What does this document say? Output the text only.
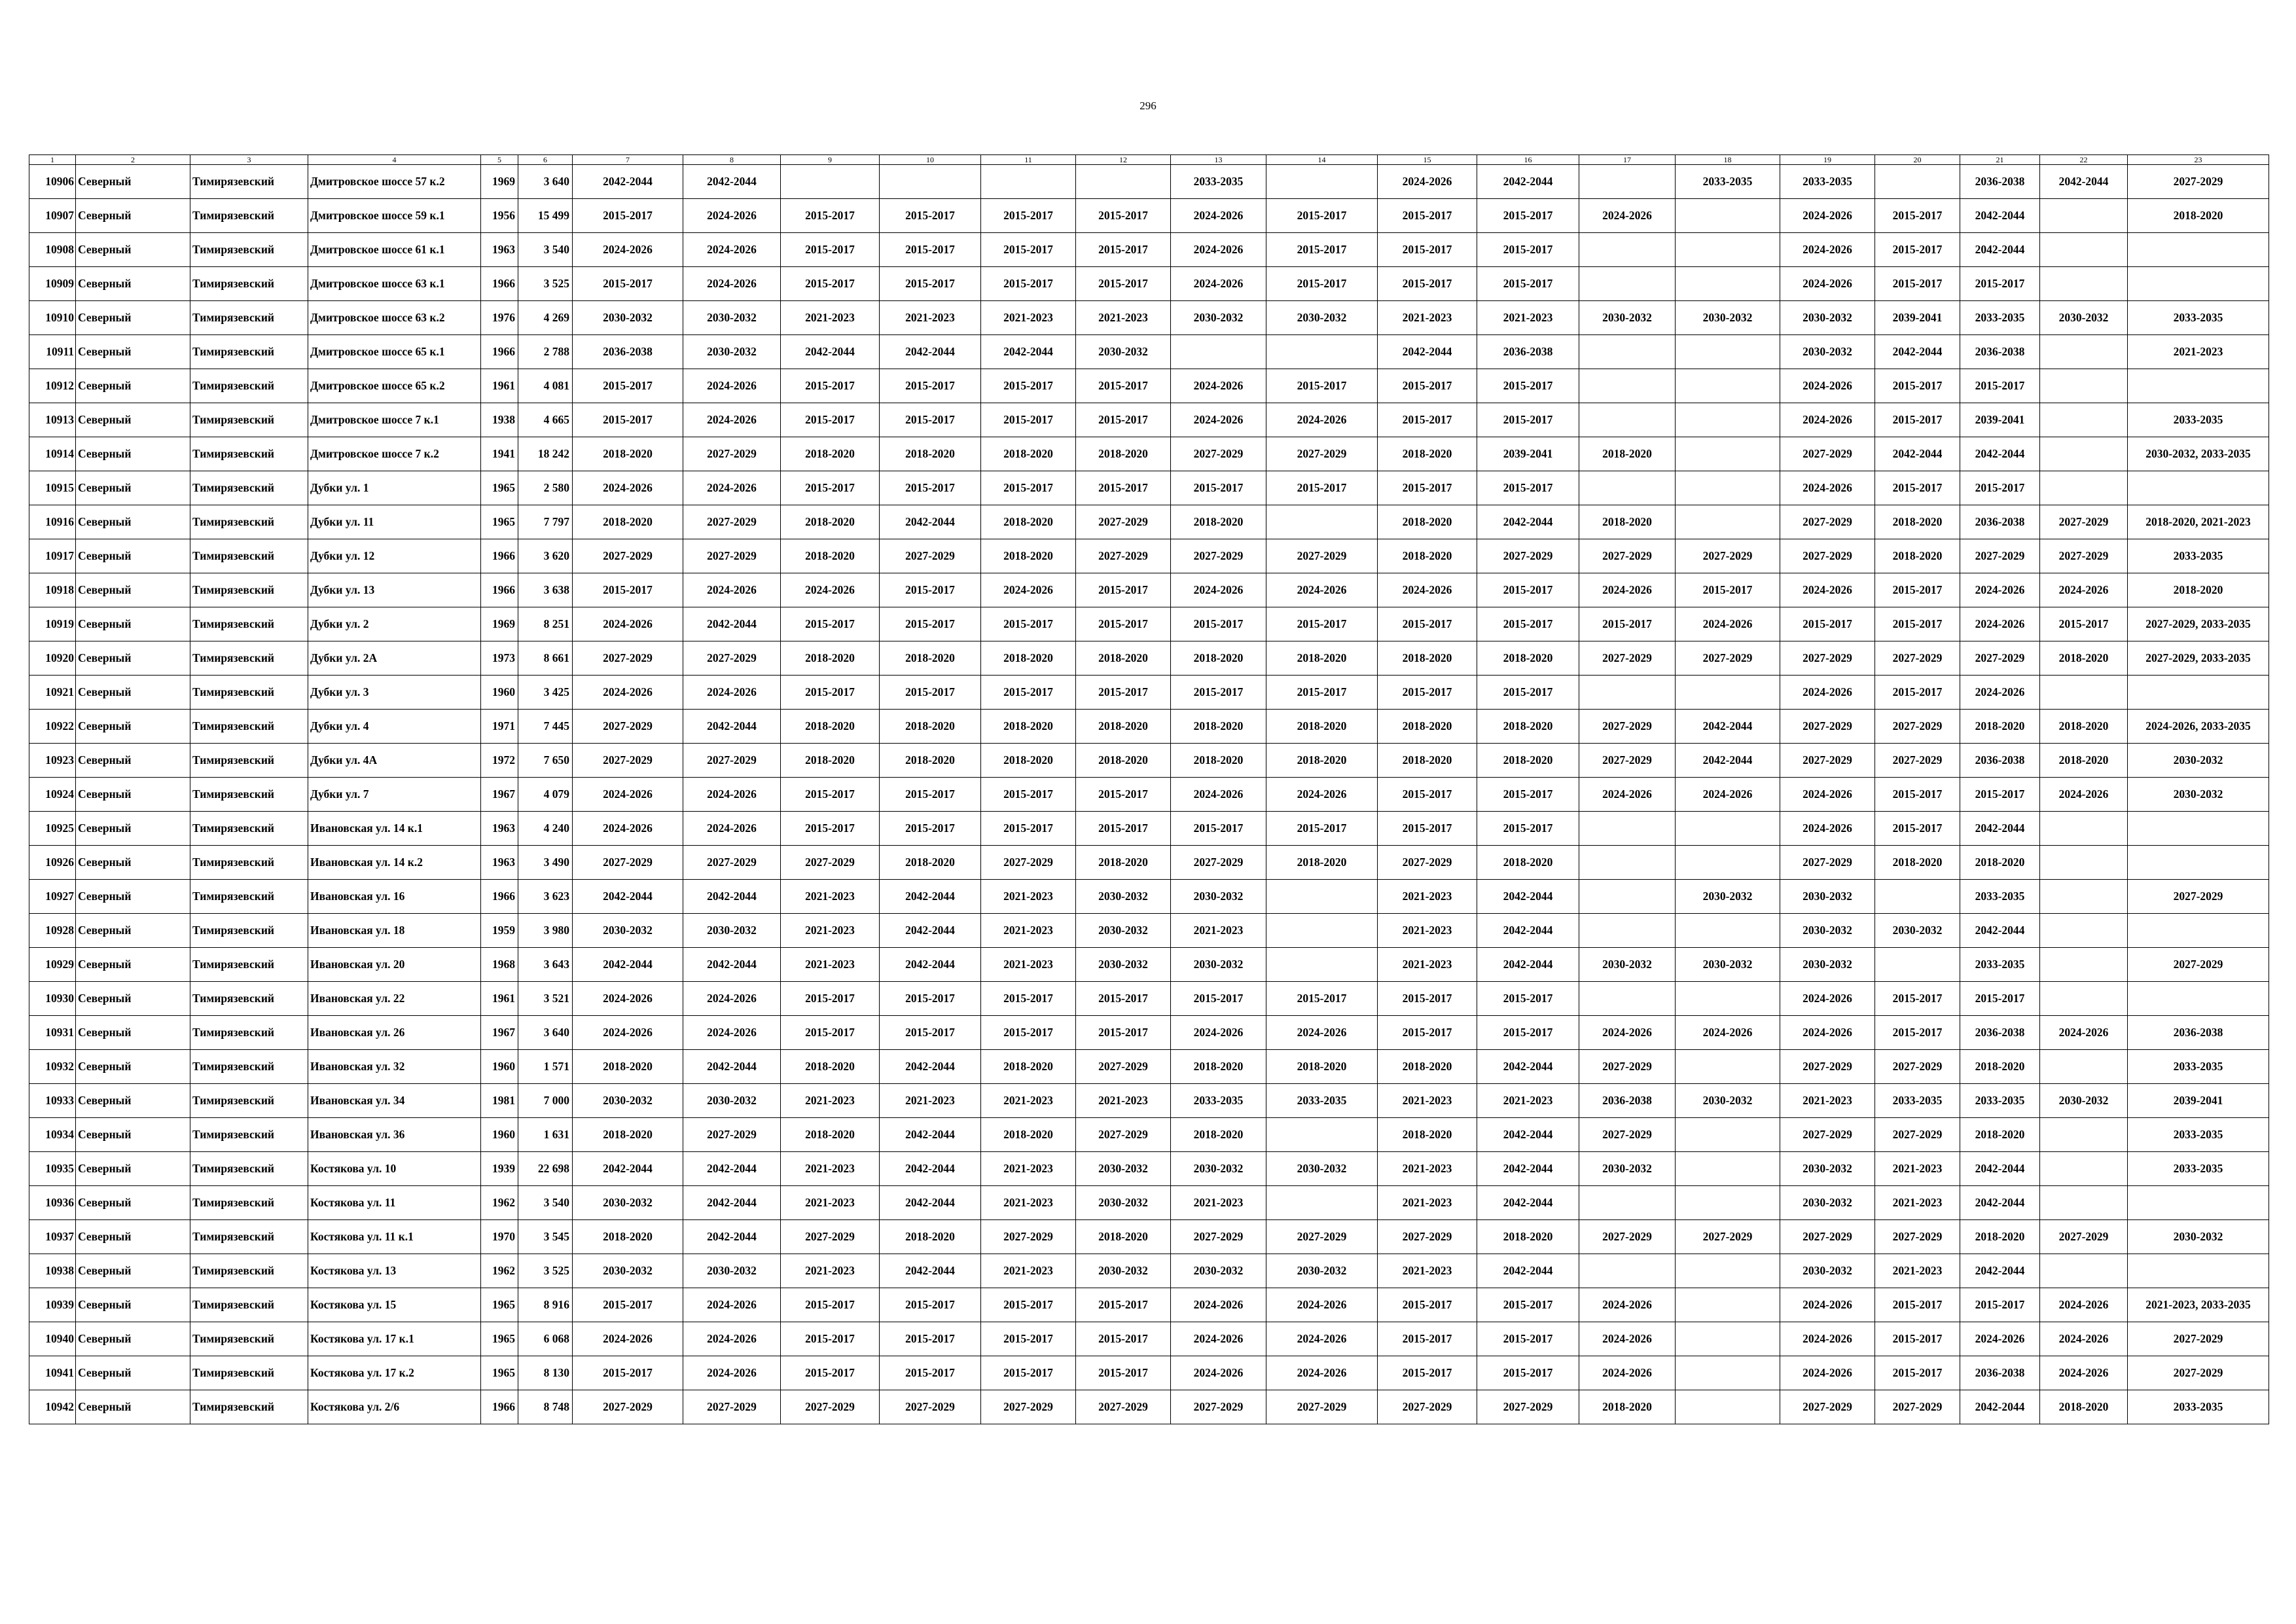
296
1	2	3	4	5	6	7	8	9	10	11	12	13	14	15	16	17	18	19	20	21	22	23
10906	Северный	Тимирязевский	Дмитровское шоссе 57 к.2	1969	3 640	2042-2044	2042-2044					2033-2035		2024-2026	2042-2044		2033-2035	2033-2035		2036-2038	2042-2044	2027-2029
10907	Северный	Тимирязевский	Дмитровское шоссе 59 к.1	1956	15 499	2015-2017	2024-2026	2015-2017	2015-2017	2015-2017	2015-2017	2024-2026	2015-2017	2015-2017	2015-2017	2024-2026		2024-2026	2015-2017	2042-2044		2018-2020
10908	Северный	Тимирязевский	Дмитровское шоссе 61 к.1	1963	3 540	2024-2026	2024-2026	2015-2017	2015-2017	2015-2017	2015-2017	2024-2026	2015-2017	2015-2017	2015-2017			2024-2026	2015-2017	2042-2044		
10909	Северный	Тимирязевский	Дмитровское шоссе 63 к.1	1966	3 525	2015-2017	2024-2026	2015-2017	2015-2017	2015-2017	2015-2017	2024-2026	2015-2017	2015-2017	2015-2017			2024-2026	2015-2017	2015-2017		
10910	Северный	Тимирязевский	Дмитровское шоссе 63 к.2	1976	4 269	2030-2032	2030-2032	2021-2023	2021-2023	2021-2023	2021-2023	2030-2032	2030-2032	2021-2023	2021-2023	2030-2032	2030-2032	2030-2032	2039-2041	2033-2035	2030-2032	2033-2035
10911	Северный	Тимирязевский	Дмитровское шоссе 65 к.1	1966	2 788	2036-2038	2030-2032	2042-2044	2042-2044	2042-2044	2030-2032			2042-2044	2036-2038			2030-2032	2042-2044	2036-2038		2021-2023
10912	Северный	Тимирязевский	Дмитровское шоссе 65 к.2	1961	4 081	2015-2017	2024-2026	2015-2017	2015-2017	2015-2017	2015-2017	2024-2026	2015-2017	2015-2017	2015-2017			2024-2026	2015-2017	2015-2017		
10913	Северный	Тимирязевский	Дмитровское шоссе 7 к.1	1938	4 665	2015-2017	2024-2026	2015-2017	2015-2017	2015-2017	2015-2017	2024-2026	2024-2026	2015-2017	2015-2017			2024-2026	2015-2017	2039-2041		2033-2035
10914	Северный	Тимирязевский	Дмитровское шоссе 7 к.2	1941	18 242	2018-2020	2027-2029	2018-2020	2018-2020	2018-2020	2018-2020	2027-2029	2027-2029	2018-2020	2039-2041	2018-2020		2027-2029	2042-2044	2042-2044		2030-2032, 2033-2035
10915	Северный	Тимирязевский	Дубки ул. 1	1965	2 580	2024-2026	2024-2026	2015-2017	2015-2017	2015-2017	2015-2017	2015-2017	2015-2017	2015-2017	2015-2017			2024-2026	2015-2017	2015-2017		
10916	Северный	Тимирязевский	Дубки ул. 11	1965	7 797	2018-2020	2027-2029	2018-2020	2042-2044	2018-2020	2027-2029	2018-2020		2018-2020	2042-2044	2018-2020		2027-2029	2018-2020	2036-2038	2027-2029	2018-2020, 2021-2023
10917	Северный	Тимирязевский	Дубки ул. 12	1966	3 620	2027-2029	2027-2029	2018-2020	2027-2029	2018-2020	2027-2029	2027-2029	2027-2029	2018-2020	2027-2029	2027-2029	2027-2029	2027-2029	2018-2020	2027-2029	2027-2029	2033-2035
10918	Северный	Тимирязевский	Дубки ул. 13	1966	3 638	2015-2017	2024-2026	2024-2026	2015-2017	2024-2026	2015-2017	2024-2026	2024-2026	2024-2026	2015-2017	2024-2026	2015-2017	2024-2026	2015-2017	2024-2026	2024-2026	2018-2020
10919	Северный	Тимирязевский	Дубки ул. 2	1969	8 251	2024-2026	2042-2044	2015-2017	2015-2017	2015-2017	2015-2017	2015-2017	2015-2017	2015-2017	2015-2017	2015-2017	2024-2026	2015-2017	2015-2017	2024-2026	2015-2017	2027-2029, 2033-2035
10920	Северный	Тимирязевский	Дубки ул. 2А	1973	8 661	2027-2029	2027-2029	2018-2020	2018-2020	2018-2020	2018-2020	2018-2020	2018-2020	2018-2020	2018-2020	2027-2029	2027-2029	2027-2029	2027-2029	2027-2029	2018-2020	2027-2029, 2033-2035
10921	Северный	Тимирязевский	Дубки ул. 3	1960	3 425	2024-2026	2024-2026	2015-2017	2015-2017	2015-2017	2015-2017	2015-2017	2015-2017	2015-2017	2015-2017			2024-2026	2015-2017	2024-2026		
10922	Северный	Тимирязевский	Дубки ул. 4	1971	7 445	2027-2029	2042-2044	2018-2020	2018-2020	2018-2020	2018-2020	2018-2020	2018-2020	2018-2020	2018-2020	2027-2029	2042-2044	2027-2029	2027-2029	2018-2020	2018-2020	2024-2026, 2033-2035
10923	Северный	Тимирязевский	Дубки ул. 4А	1972	7 650	2027-2029	2027-2029	2018-2020	2018-2020	2018-2020	2018-2020	2018-2020	2018-2020	2018-2020	2018-2020	2027-2029	2042-2044	2027-2029	2027-2029	2036-2038	2018-2020	2030-2032
10924	Северный	Тимирязевский	Дубки ул. 7	1967	4 079	2024-2026	2024-2026	2015-2017	2015-2017	2015-2017	2015-2017	2024-2026	2024-2026	2015-2017	2015-2017	2024-2026	2024-2026	2024-2026	2015-2017	2015-2017	2024-2026	2030-2032
10925	Северный	Тимирязевский	Ивановская ул. 14 к.1	1963	4 240	2024-2026	2024-2026	2015-2017	2015-2017	2015-2017	2015-2017	2015-2017	2015-2017	2015-2017	2015-2017			2024-2026	2015-2017	2042-2044		
10926	Северный	Тимирязевский	Ивановская ул. 14 к.2	1963	3 490	2027-2029	2027-2029	2027-2029	2018-2020	2027-2029	2018-2020	2027-2029	2018-2020	2027-2029	2018-2020			2027-2029	2018-2020	2018-2020		
10927	Северный	Тимирязевский	Ивановская ул. 16	1966	3 623	2042-2044	2042-2044	2021-2023	2042-2044	2021-2023	2030-2032	2030-2032		2021-2023	2042-2044		2030-2032	2030-2032		2033-2035		2027-2029
10928	Северный	Тимирязевский	Ивановская ул. 18	1959	3 980	2030-2032	2030-2032	2021-2023	2042-2044	2021-2023	2030-2032	2021-2023		2021-2023	2042-2044			2030-2032	2030-2032	2042-2044		
10929	Северный	Тимирязевский	Ивановская ул. 20	1968	3 643	2042-2044	2042-2044	2021-2023	2042-2044	2021-2023	2030-2032	2030-2032		2021-2023	2042-2044	2030-2032	2030-2032	2030-2032		2033-2035		2027-2029
10930	Северный	Тимирязевский	Ивановская ул. 22	1961	3 521	2024-2026	2024-2026	2015-2017	2015-2017	2015-2017	2015-2017	2015-2017	2015-2017	2015-2017	2015-2017			2024-2026	2015-2017	2015-2017		
10931	Северный	Тимирязевский	Ивановская ул. 26	1967	3 640	2024-2026	2024-2026	2015-2017	2015-2017	2015-2017	2015-2017	2024-2026	2024-2026	2015-2017	2015-2017	2024-2026	2024-2026	2024-2026	2015-2017	2036-2038	2024-2026	2036-2038
10932	Северный	Тимирязевский	Ивановская ул. 32	1960	1 571	2018-2020	2042-2044	2018-2020	2042-2044	2018-2020	2027-2029	2018-2020	2018-2020	2018-2020	2042-2044	2027-2029		2027-2029	2027-2029	2018-2020		2033-2035
10933	Северный	Тимирязевский	Ивановская ул. 34	1981	7 000	2030-2032	2030-2032	2021-2023	2021-2023	2021-2023	2021-2023	2033-2035	2033-2035	2021-2023	2021-2023	2036-2038	2030-2032	2021-2023	2033-2035	2033-2035	2030-2032	2039-2041
10934	Северный	Тимирязевский	Ивановская ул. 36	1960	1 631	2018-2020	2027-2029	2018-2020	2042-2044	2018-2020	2027-2029	2018-2020		2018-2020	2042-2044	2027-2029		2027-2029	2027-2029	2018-2020		2033-2035
10935	Северный	Тимирязевский	Костякова ул. 10	1939	22 698	2042-2044	2042-2044	2021-2023	2042-2044	2021-2023	2030-2032	2030-2032	2030-2032	2021-2023	2042-2044	2030-2032		2030-2032	2021-2023	2042-2044		2033-2035
10936	Северный	Тимирязевский	Костякова ул. 11	1962	3 540	2030-2032	2042-2044	2021-2023	2042-2044	2021-2023	2030-2032	2021-2023		2021-2023	2042-2044			2030-2032	2021-2023	2042-2044		
10937	Северный	Тимирязевский	Костякова ул. 11 к.1	1970	3 545	2018-2020	2042-2044	2027-2029	2018-2020	2027-2029	2018-2020	2027-2029	2027-2029	2027-2029	2018-2020	2027-2029	2027-2029	2027-2029	2027-2029	2018-2020	2027-2029	2030-2032
10938	Северный	Тимирязевский	Костякова ул. 13	1962	3 525	2030-2032	2030-2032	2021-2023	2042-2044	2021-2023	2030-2032	2030-2032	2030-2032	2021-2023	2042-2044			2030-2032	2021-2023	2042-2044		
10939	Северный	Тимирязевский	Костякова ул. 15	1965	8 916	2015-2017	2024-2026	2015-2017	2015-2017	2015-2017	2015-2017	2024-2026	2024-2026	2015-2017	2015-2017	2024-2026		2024-2026	2015-2017	2015-2017	2024-2026	2021-2023, 2033-2035
10940	Северный	Тимирязевский	Костякова ул. 17 к.1	1965	6 068	2024-2026	2024-2026	2015-2017	2015-2017	2015-2017	2015-2017	2024-2026	2024-2026	2015-2017	2015-2017	2024-2026		2024-2026	2015-2017	2024-2026	2024-2026	2027-2029
10941	Северный	Тимирязевский	Костякова ул. 17 к.2	1965	8 130	2015-2017	2024-2026	2015-2017	2015-2017	2015-2017	2015-2017	2024-2026	2024-2026	2015-2017	2015-2017	2024-2026		2024-2026	2015-2017	2036-2038	2024-2026	2027-2029
10942	Северный	Тимирязевский	Костякова ул. 2/6	1966	8 748	2027-2029	2027-2029	2027-2029	2027-2029	2027-2029	2027-2029	2027-2029	2027-2029	2027-2029	2027-2029	2018-2020		2027-2029	2027-2029	2042-2044	2018-2020	2033-2035
